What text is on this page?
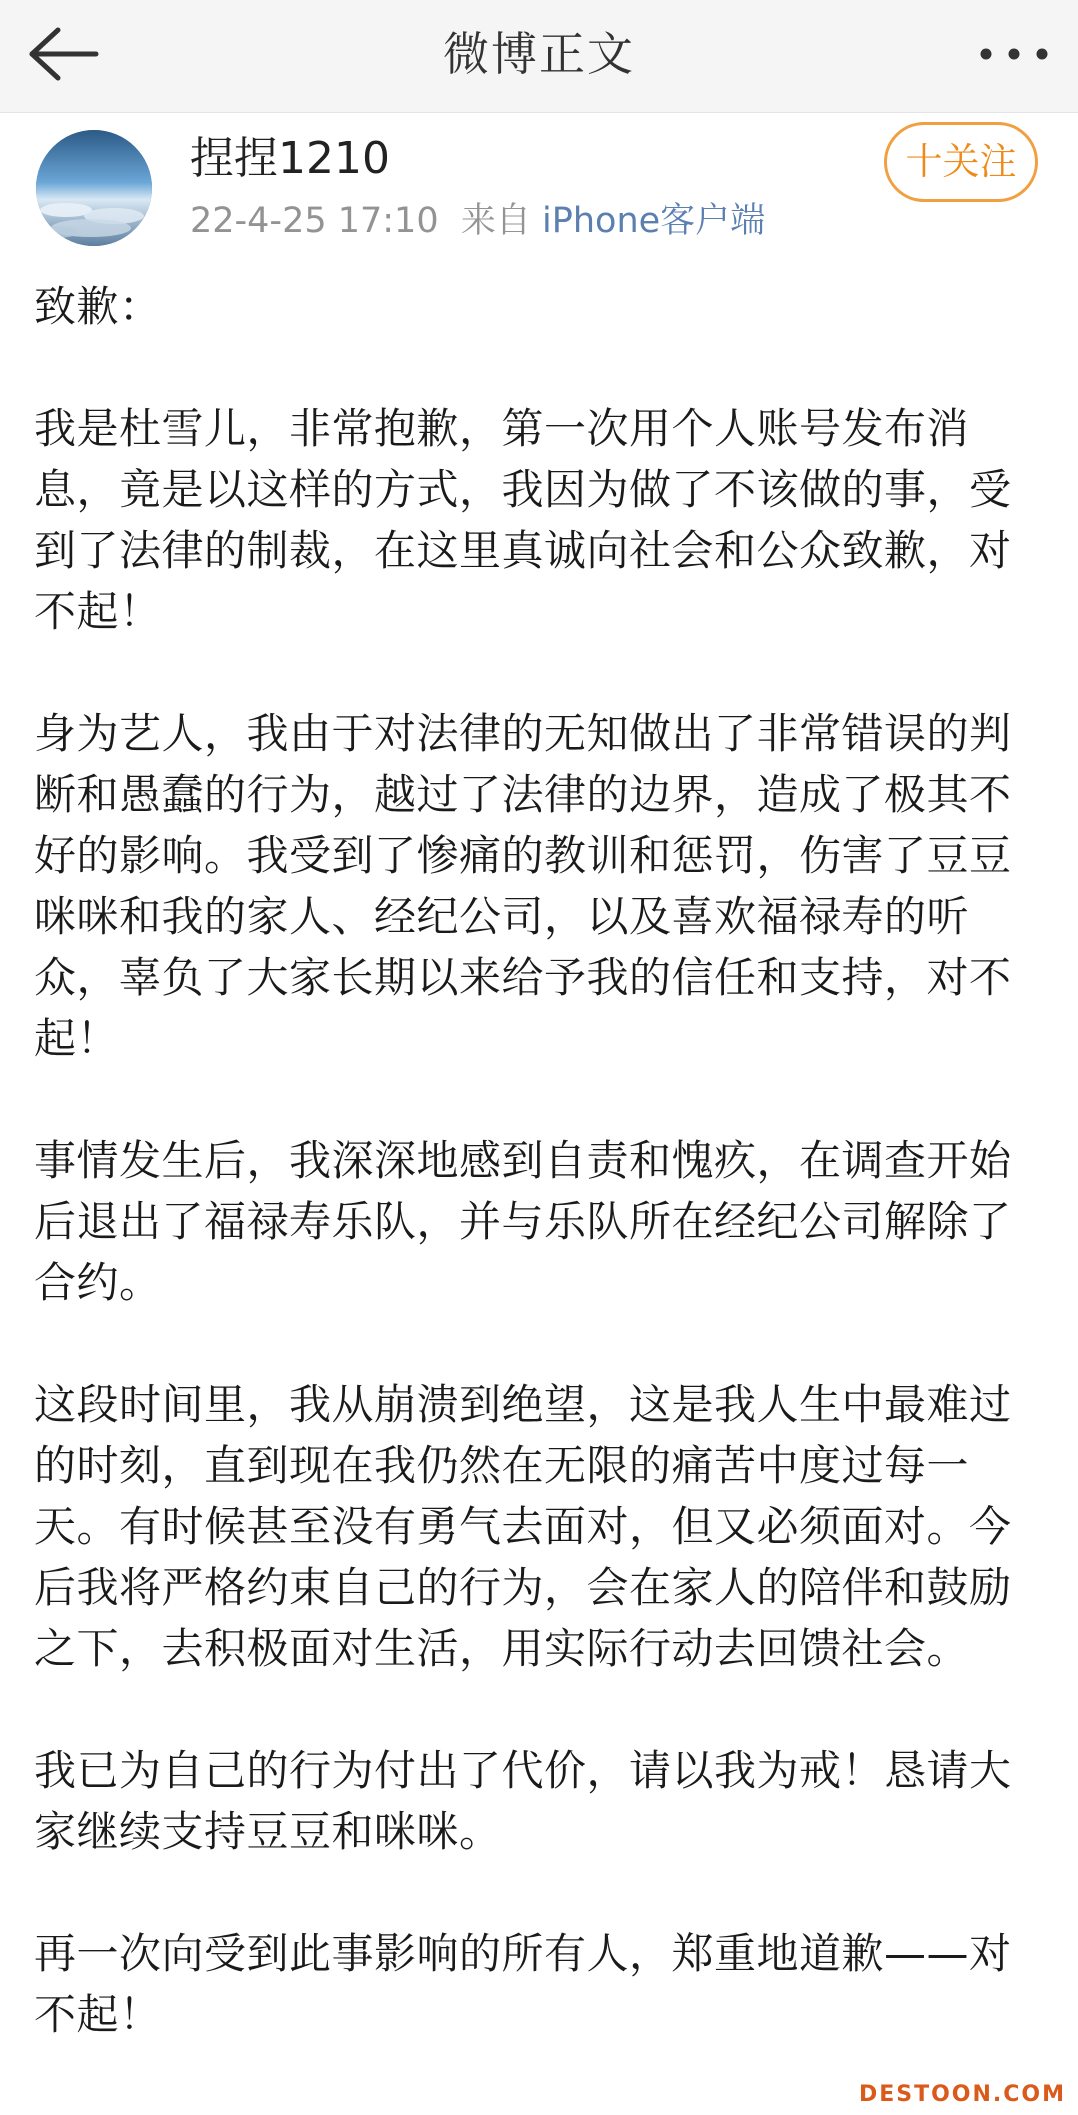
微博正文
捏捏1210
22-4-25 17:10 来自 iPhone客户端
十关注

致歉：

我是杜雪儿，非常抱歉，第一次用个人账号发布消息，竟是以这样的方式，我因为做了不该做的事，受到了法律的制裁，在这里真诚向社会和公众致歉，对不起！

身为艺人，我由于对法律的无知做出了非常错误的判断和愚蠢的行为，越过了法律的边界，造成了极其不好的影响。我受到了惨痛的教训和惩罚，伤害了豆豆咪咪和我的家人、经纪公司，以及喜欢福禄寿的听众，辜负了大家长期以来给予我的信任和支持，对不起！

事情发生后，我深深地感到自责和愧疚，在调查开始后退出了福禄寿乐队，并与乐队所在经纪公司解除了合约。

这段时间里，我从崩溃到绝望，这是我人生中最难过的时刻，直到现在我仍然在无限的痛苦中度过每一天。有时候甚至没有勇气去面对，但又必须面对。今后我将严格约束自己的行为，会在家人的陪伴和鼓励之下，去积极面对生活，用实际行动去回馈社会。

我已为自己的行为付出了代价，请以我为戒！恳请大家继续支持豆豆和咪咪。

再一次向受到此事影响的所有人，郑重地道歉——对不起！

DESTOON.COM
